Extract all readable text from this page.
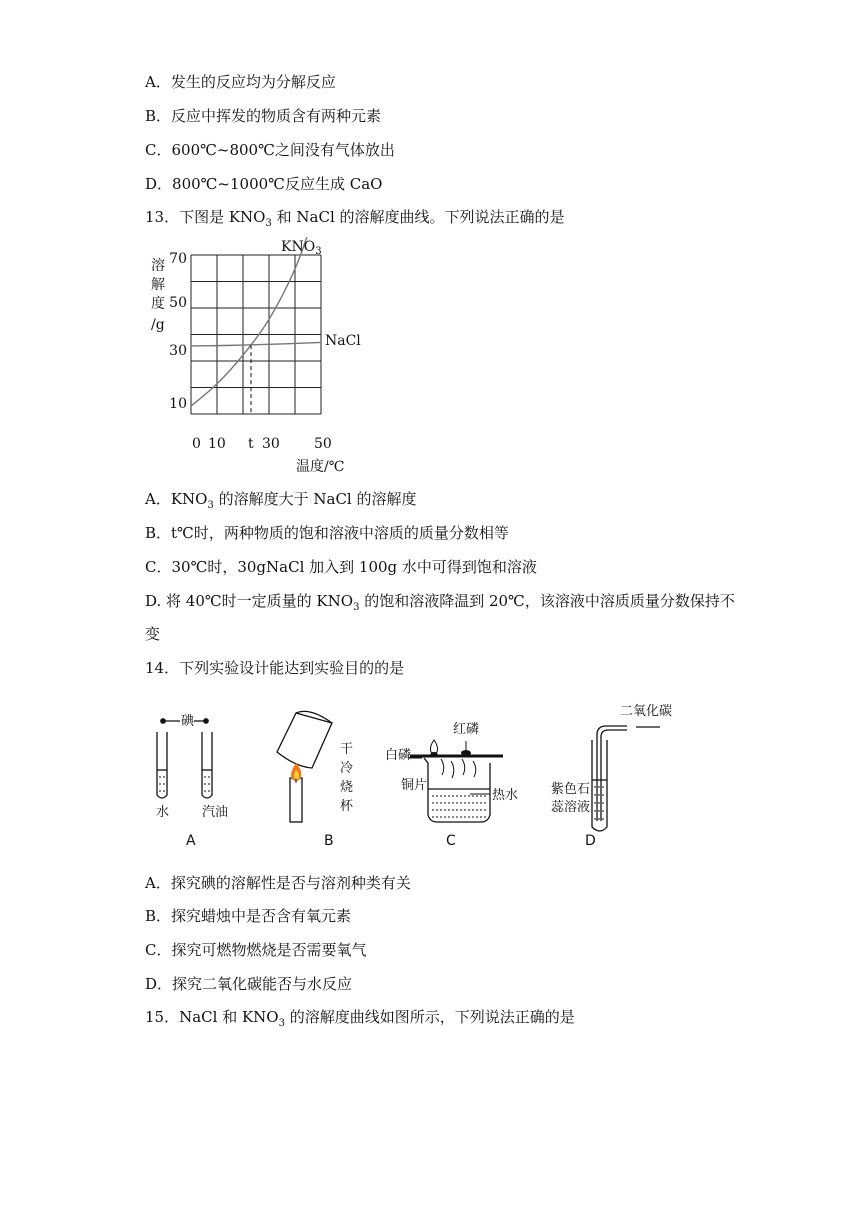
A．发生的反应均为分解反应
B．反应中挥发的物质含有两种元素
C．600℃~800℃之间没有气体放出
D．800℃~1000℃反应生成 CaO
13．下图是 $KNO_3$ 和 NaCl 的溶解度曲线。下列说法正确的是
溶
解
度
/g
70
50
30
10
0 10 t 30 50
温度/℃
$KNO_3$
NaCl
A．$KNO_3$ 的溶解度大于 NaCl 的溶解度
B．t℃时，两种物质的饱和溶液中溶质的质量分数相等
C．30℃时，30gNaCl 加入到 100g 水中可得到饱和溶液
D. 将 40℃时一定质量的 $KNO_3$ 的饱和溶液降温到 20℃，该溶液中溶质质量分数保持不
变
14．下列实验设计能达到实验目的的是
碘
水	汽油
干
冷
烧
杯
白磷
红磷
铜片
热水
二氧化碳
紫色石
蕊溶液
A	B	C	D
A．探究碘的溶解性是否与溶剂种类有关
B．探究蜡烛中是否含有氧元素
C．探究可燃物燃烧是否需要氧气
D．探究二氧化碳能否与水反应
15．NaCl 和 $KNO_3$ 的溶解度曲线如图所示，下列说法正确的是
